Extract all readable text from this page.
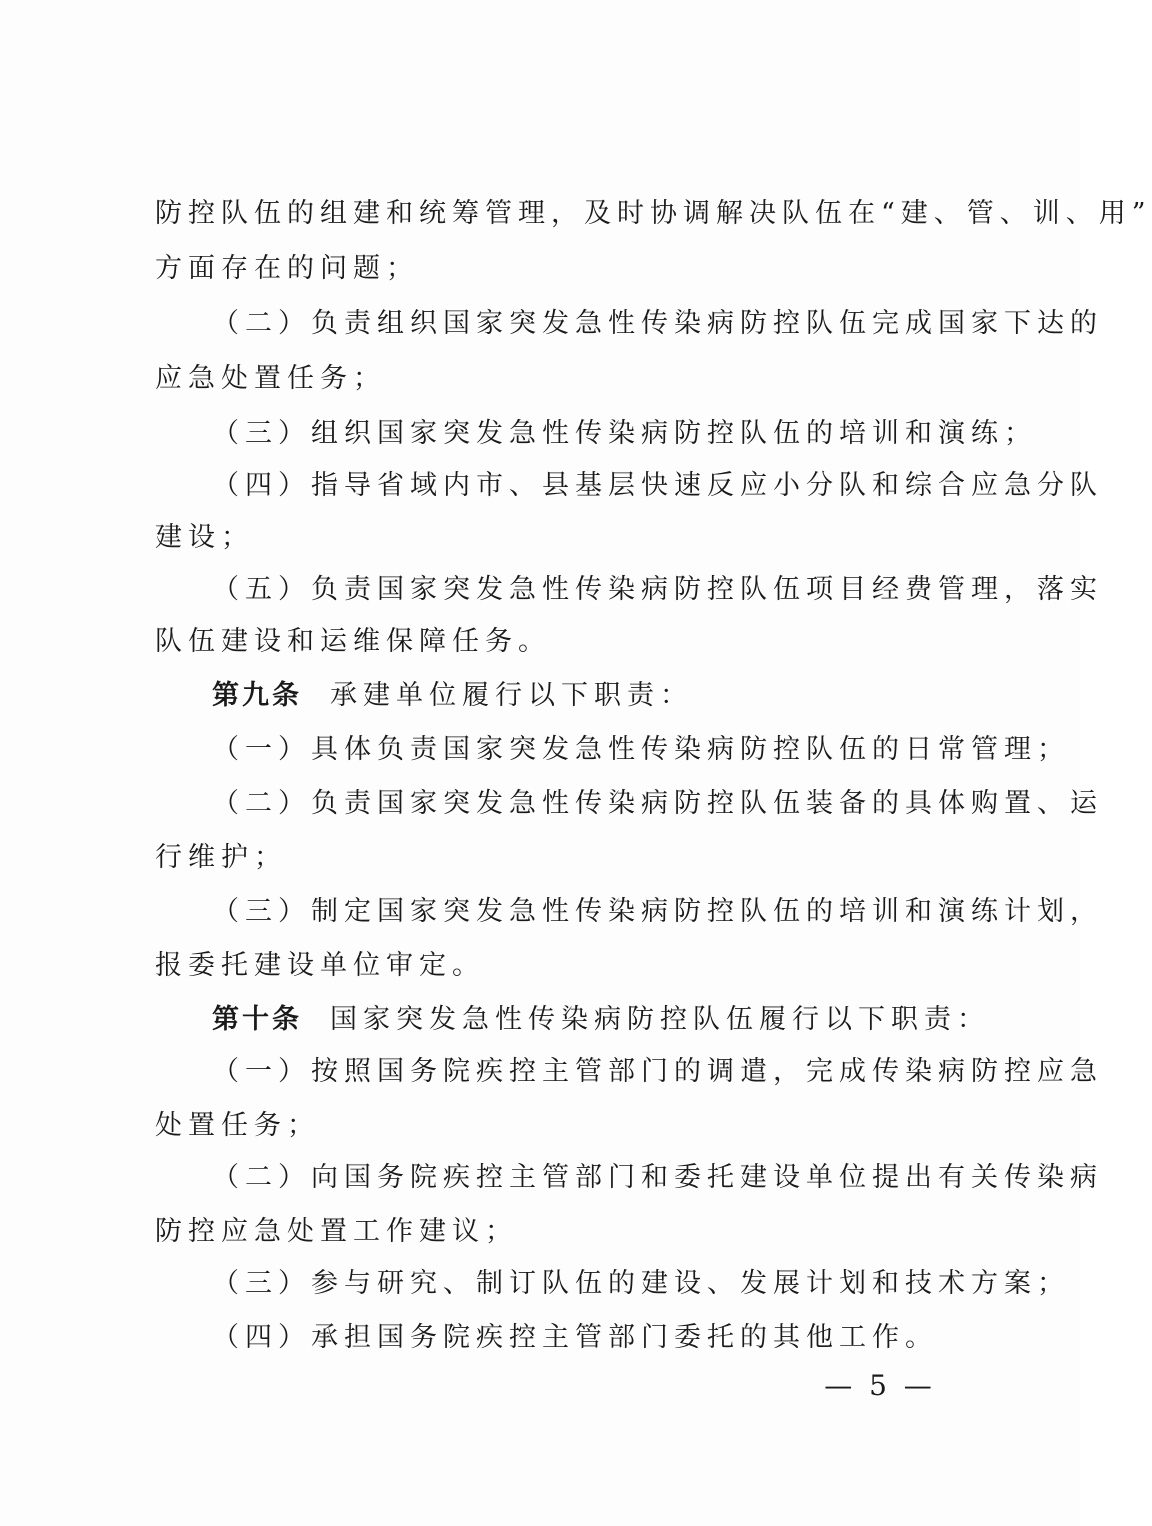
防控队伍的组建和统筹管理，及时协调解决队伍在“建、管、训、用”
方面存在的问题；
（二）负责组织国家突发急性传染病防控队伍完成国家下达的
应急处置任务；
（三）组织国家突发急性传染病防控队伍的培训和演练；
（四）指导省域内市、县基层快速反应小分队和综合应急分队
建设；
（五）负责国家突发急性传染病防控队伍项目经费管理，落实
队伍建设和运维保障任务。
第九条 承建单位履行以下职责：
（一）具体负责国家突发急性传染病防控队伍的日常管理；
（二）负责国家突发急性传染病防控队伍装备的具体购置、运
行维护；
（三）制定国家突发急性传染病防控队伍的培训和演练计划，
报委托建设单位审定。
第十条 国家突发急性传染病防控队伍履行以下职责：
（一）按照国务院疾控主管部门的调遣，完成传染病防控应急
处置任务；
（二）向国务院疾控主管部门和委托建设单位提出有关传染病
防控应急处置工作建议；
（三）参与研究、制订队伍的建设、发展计划和技术方案；
（四）承担国务院疾控主管部门委托的其他工作。
— 5 —
